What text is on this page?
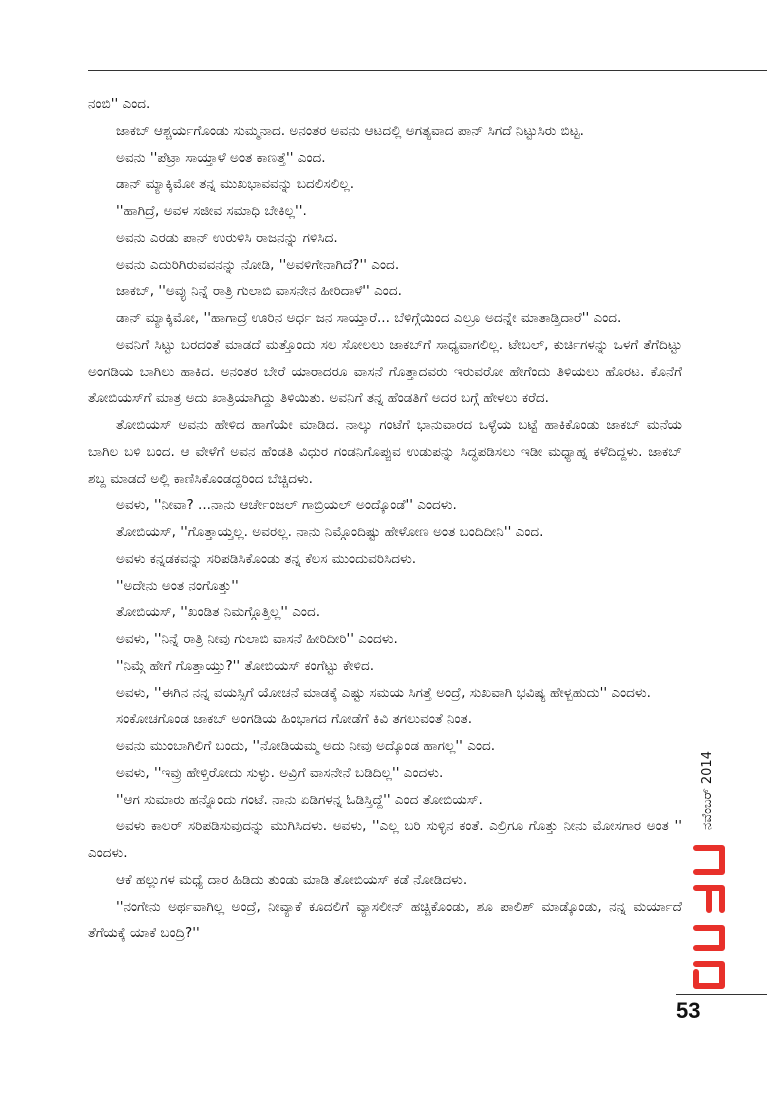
ನಂಬಿ'' ಎಂದ.

ಜಾಕಬ್ ಆಶ್ಚರ್ಯಗೊಂಡು ಸುಮ್ಮನಾದ. ಅನಂತರ ಅವನು ಆಟದಲ್ಲಿ ಅಗತ್ಯವಾದ ಪಾನ್ ಸಿಗದೆ ನಿಟ್ಟುಸಿರು ಬಿಟ್ಟ.

ಅವನು ''ಪೆಟ್ರಾ ಸಾಯ್ತಾಳೆ ಅಂತ ಕಾಣತ್ತೆ'' ಎಂದ.

ಡಾನ್ ಮ್ಯಾಕ್ಕಿಮೋ ತನ್ನ ಮುಖಭಾವವನ್ನು ಬದಲಿಸಲಿಲ್ಲ.

''ಹಾಗಿದ್ರೆ, ಅವಳ ಸಜೀವ ಸಮಾಧಿ ಬೇಕಿಲ್ಲ''.

ಅವನು ಎರಡು ಪಾನ್ ಉರುಳಿಸಿ ರಾಜನನ್ನು ಗಳಿಸಿದ.

ಅವನು ಎದುರಿಗಿರುವವನನ್ನು ನೋಡಿ, ''ಅವಳಿಗೇನಾಗಿದೆ?'' ಎಂದ.

ಜಾಕಬ್, ''ಅವ್ಳು ನಿನ್ನೆ ರಾತ್ರಿ ಗುಲಾಬಿ ವಾಸನೇನ ಹೀರಿದಾಳೆ'' ಎಂದ.

ಡಾನ್ ಮ್ಯಾಕ್ಕಿಮೋ, ''ಹಾಗಾದ್ರೆ ಊರಿನ ಅರ್ಧ ಜನ ಸಾಯ್ತಾರೆ... ಬೆಳಿಗ್ಗೆಯಿಂದ ಎಲ್ರೂ ಅದನ್ನೇ ಮಾತಾಡ್ತಿದಾರೆ'' ಎಂದ.

ಅವನಿಗೆ ಸಿಟ್ಟು ಬರದಂತೆ ಮಾಡದೆ ಮತ್ತೊಂದು ಸಲ ಸೋಲಲು ಜಾಕಬ್‌ಗೆ ಸಾಧ್ಯವಾಗಲಿಲ್ಲ. ಟೇಬಲ್, ಕುರ್ಚಿಗಳನ್ನು ಒಳಗೆ ತೆಗೆದಿಟ್ಟು ಅಂಗಡಿಯ ಬಾಗಿಲು ಹಾಕಿದ. ಅನಂತರ ಬೇರೆ ಯಾರಾದರೂ ವಾಸನೆ ಗೊತ್ತಾದವರು ಇರುವರೋ ಹೇಗೆಂದು ತಿಳಿಯಲು ಹೊರಟ. ಕೊನೆಗೆ ತೋಬಿಯಸ್‌ಗೆ ಮಾತ್ರ ಅದು ಖಾತ್ರಿಯಾಗಿದ್ದು ತಿಳಿಯಿತು. ಅವನಿಗೆ ತನ್ನ ಹೆಂಡತಿಗೆ ಅದರ ಬಗ್ಗೆ ಹೇಳಲು ಕರೆದ.

ತೋಬಿಯಸ್ ಅವನು ಹೇಳಿದ ಹಾಗೆಯೇ ಮಾಡಿದ. ನಾಲ್ಕು ಗಂಟೆಗೆ ಭಾನುವಾರದ ಒಳ್ಳೆಯ ಬಟ್ಟೆ ಹಾಕಿಕೊಂಡು ಜಾಕಬ್ ಮನೆಯ ಬಾಗಿಲ ಬಳಿ ಬಂದ. ಆ ವೇಳೆಗೆ ಅವನ ಹೆಂಡತಿ ವಿಧುರ ಗಂಡನಿಗೊಪ್ಪುವ ಉಡುಪನ್ನು ಸಿದ್ಧಪಡಿಸಲು ಇಡೀ ಮಧ್ಯಾಹ್ನ ಕಳೆದಿದ್ದಳು. ಜಾಕಬ್ ಶಬ್ದ ಮಾಡದೆ ಅಲ್ಲಿ ಕಾಣಿಸಿಕೊಂಡದ್ದರಿಂದ ಬೆಚ್ಚಿದಳು.

ಅವಳು, ''ನೀವಾ? ...ನಾನು ಆರ್ಚೇಂಜಲ್ ಗಾಬ್ರಿಯಲ್ ಅಂದ್ಕೊಂಡೆ'' ಎಂದಳು.

ತೋಬಿಯಸ್, ''ಗೊತ್ತಾಯ್ತಲ್ಲ. ಅವರಲ್ಲ. ನಾನು ನಿಮ್ಗೊಂದಿಷ್ಟು ಹೇಳೋಣ ಅಂತ ಬಂದಿದೀನಿ'' ಎಂದ.

ಅವಳು ಕನ್ನಡಕವನ್ನು ಸರಿಪಡಿಸಿಕೊಂಡು ತನ್ನ ಕೆಲಸ ಮುಂದುವರಿಸಿದಳು.

''ಅದೇನು ಅಂತ ನಂಗೊತ್ತು''

ತೋಬಿಯಸ್, ''ಖಂಡಿತ ನಿಮಗ್ಗೊತ್ತಿಲ್ಲ'' ಎಂದ.

ಅವಳು, ''ನಿನ್ನೆ ರಾತ್ರಿ ನೀವು ಗುಲಾಬಿ ವಾಸನೆ ಹೀರಿದೀರಿ'' ಎಂದಳು.

''ನಿಮ್ಗೆ ಹೇಗೆ ಗೊತ್ತಾಯ್ತು?'' ತೋಬಿಯಸ್ ಕಂಗೆಟ್ಟು ಕೇಳಿದ.

ಅವಳು, ''ಈಗಿನ ನನ್ನ ವಯಸ್ಸಿಗೆ ಯೋಚನೆ ಮಾಡಕ್ಕೆ ಎಷ್ಟು ಸಮಯ ಸಿಗತ್ತೆ ಅಂದ್ರೆ, ಸುಖವಾಗಿ ಭವಿಷ್ಯ ಹೇಳ್ಬಹುದು'' ಎಂದಳು.

ಸಂಕೋಚಗೊಂಡ ಜಾಕಬ್ ಅಂಗಡಿಯ ಹಿಂಭಾಗದ ಗೋಡೆಗೆ ಕಿವಿ ತಗಲುವಂತೆ ನಿಂತ.

ಅವನು ಮುಂಬಾಗಿಲಿಗೆ ಬಂದು, ''ನೋಡಿಯಮ್ಮ ಅದು ನೀವು ಅದ್ಕೊಂಡ ಹಾಗಲ್ಲ'' ಎಂದ.

ಅವಳು, ''ಇವ್ರು ಹೇಳ್ತಿರೋದು ಸುಳ್ಳು. ಅವ್ರಿಗೆ ವಾಸನೇನೆ ಬಡಿದಿಲ್ಲ'' ಎಂದಳು.

''ಆಗ ಸುಮಾರು ಹನ್ನೊಂದು ಗಂಟೆ. ನಾನು ಏಡಿಗಳನ್ನ ಓಡಿಸ್ತಿದ್ದೆ'' ಎಂದ ತೋಬಿಯಸ್.

ಅವಳು ಕಾಲರ್ ಸರಿಪಡಿಸುವುದನ್ನು ಮುಗಿಸಿದಳು. ಅವಳು, ''ಎಲ್ಲ ಬರಿ ಸುಳ್ಳಿನ ಕಂತೆ. ಎಲ್ರಿಗೂ ಗೊತ್ತು ನೀನು ಮೋಸಗಾರ ಅಂತ '' ಎಂದಳು.

ಆಕೆ ಹಲ್ಲುಗಳ ಮಧ್ಯೆ ದಾರ ಹಿಡಿದು ತುಂಡು ಮಾಡಿ ತೋಬಿಯಸ್ ಕಡೆ ನೋಡಿದಳು.

''ನಂಗೇನು ಅರ್ಥವಾಗಿಲ್ಲ ಅಂದ್ರೆ, ನೀವ್ಯಾಕೆ ಕೂದಲಿಗೆ ವ್ಯಾಸಲೀನ್ ಹಚ್ಚಿಕೊಂಡು, ಶೂ ಪಾಲಿಶ್ ಮಾಡ್ಕೊಂಡು, ನನ್ನ ಮರ್ಯಾದೆ ತೆಗೆಯಕ್ಕೆ ಯಾಕೆ ಬಂದ್ರಿ?''

ನವೆಂಬರ್ 2014
53
